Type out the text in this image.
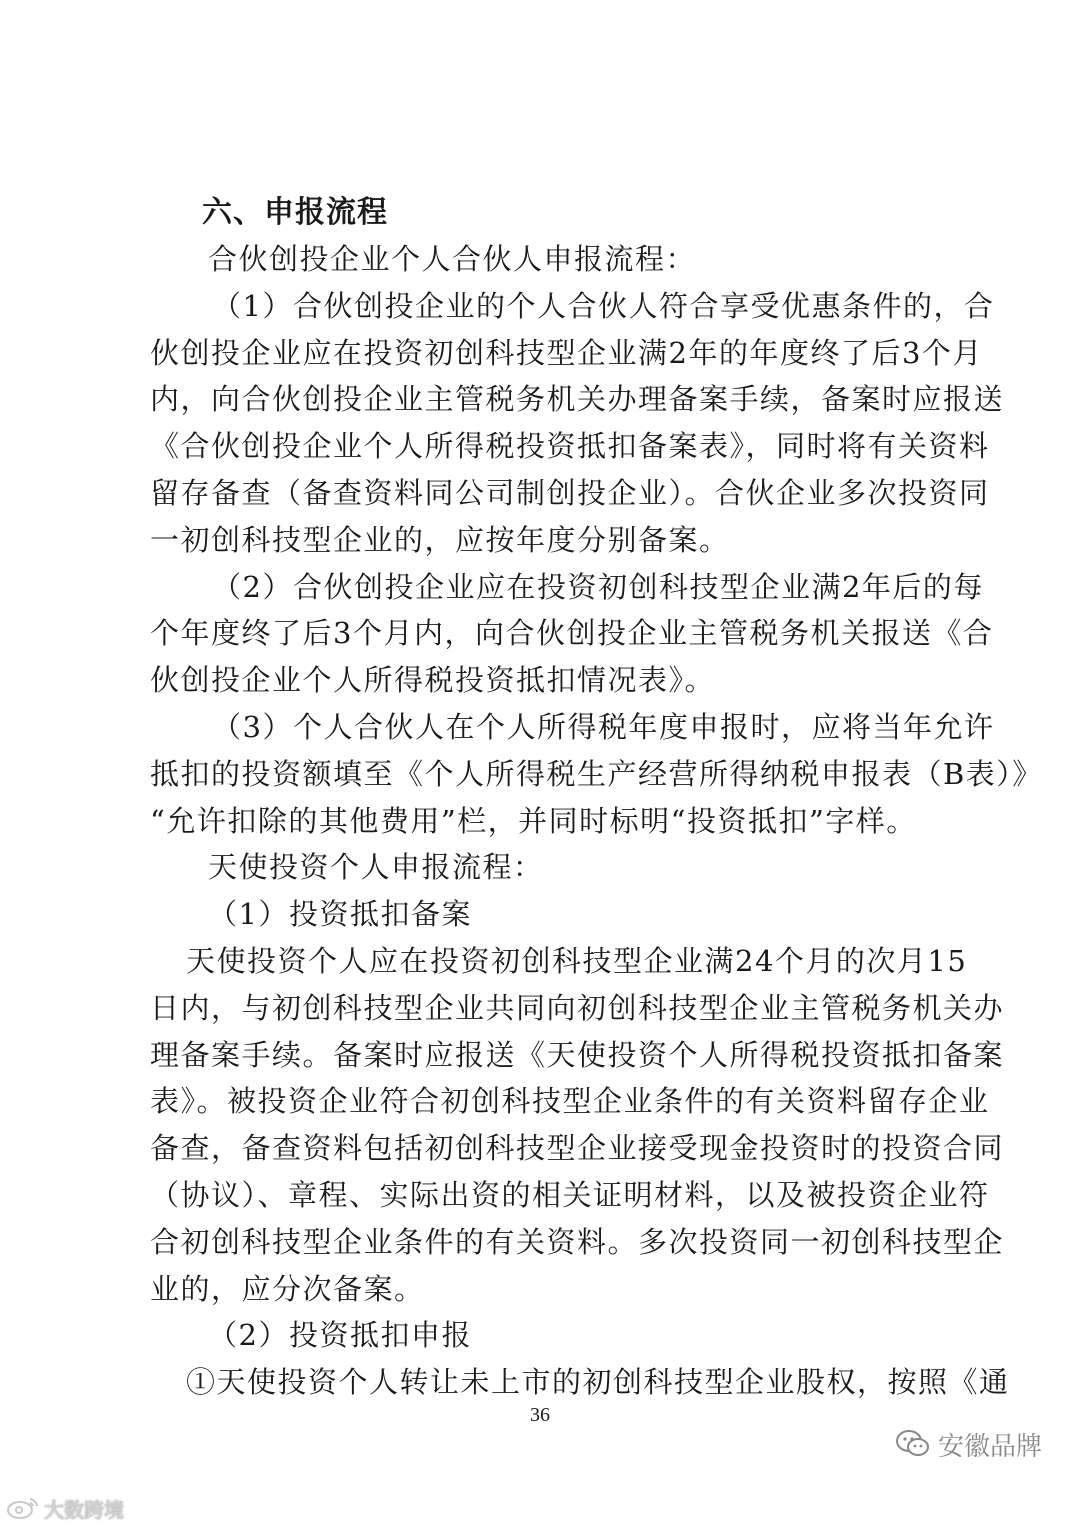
六、申报流程
合伙创投企业个人合伙人申报流程：
（1）合伙创投企业的个人合伙人符合享受优惠条件的，合
伙创投企业应在投资初创科技型企业满2年的年度终了后3个月
内，向合伙创投企业主管税务机关办理备案手续，备案时应报送
《合伙创投企业个人所得税投资抵扣备案表》，同时将有关资料
留存备查（备查资料同公司制创投企业）。合伙企业多次投资同
一初创科技型企业的，应按年度分别备案。
（2）合伙创投企业应在投资初创科技型企业满2年后的每
个年度终了后3个月内，向合伙创投企业主管税务机关报送《合
伙创投企业个人所得税投资抵扣情况表》。
（3）个人合伙人在个人所得税年度申报时，应将当年允许
抵扣的投资额填至《个人所得税生产经营所得纳税申报表（B表）》
“允许扣除的其他费用”栏，并同时标明“投资抵扣”字样。
天使投资个人申报流程：
（1）投资抵扣备案
天使投资个人应在投资初创科技型企业满24个月的次月15
日内，与初创科技型企业共同向初创科技型企业主管税务机关办
理备案手续。备案时应报送《天使投资个人所得税投资抵扣备案
表》。被投资企业符合初创科技型企业条件的有关资料留存企业
备查，备查资料包括初创科技型企业接受现金投资时的投资合同
（协议）、章程、实际出资的相关证明材料，以及被投资企业符
合初创科技型企业条件的有关资料。多次投资同一初创科技型企
业的，应分次备案。
（2）投资抵扣申报
①天使投资个人转让未上市的初创科技型企业股权，按照《通
36
安徽品牌
大数跨境
